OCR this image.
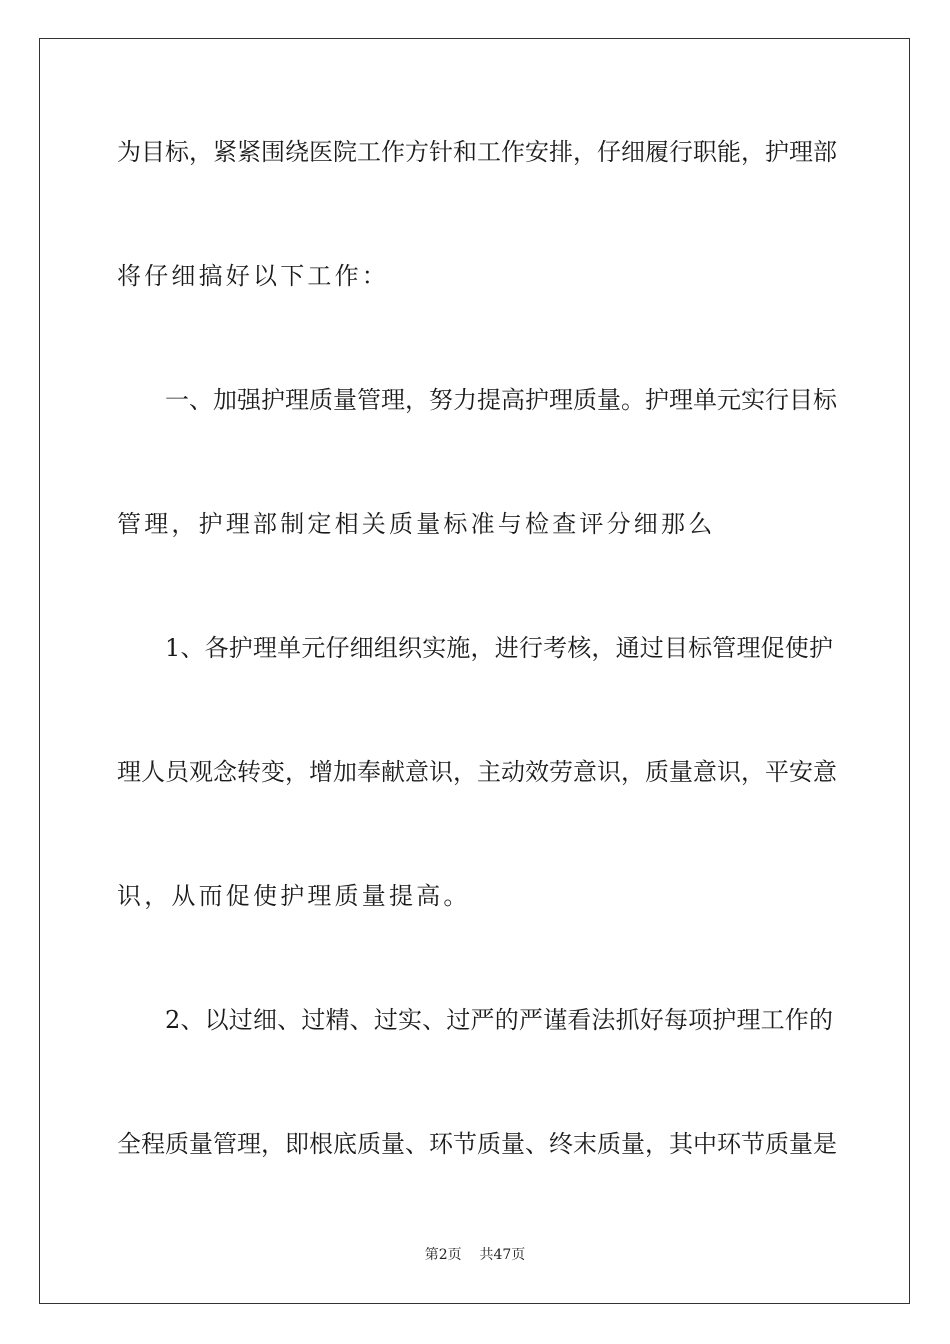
为目标，紧紧围绕医院工作方针和工作安排，仔细履行职能，护理部
将仔细搞好以下工作：
一、加强护理质量管理，努力提高护理质量。护理单元实行目标
管理，护理部制定相关质量标准与检查评分细那么
1、各护理单元仔细组织实施，进行考核，通过目标管理促使护
理人员观念转变，增加奉献意识，主动效劳意识，质量意识，平安意
识，从而促使护理质量提高。
2、以过细、过精、过实、过严的严谨看法抓好每项护理工作的
全程质量管理，即根底质量、环节质量、终末质量，其中环节质量是
第2页 共47页
